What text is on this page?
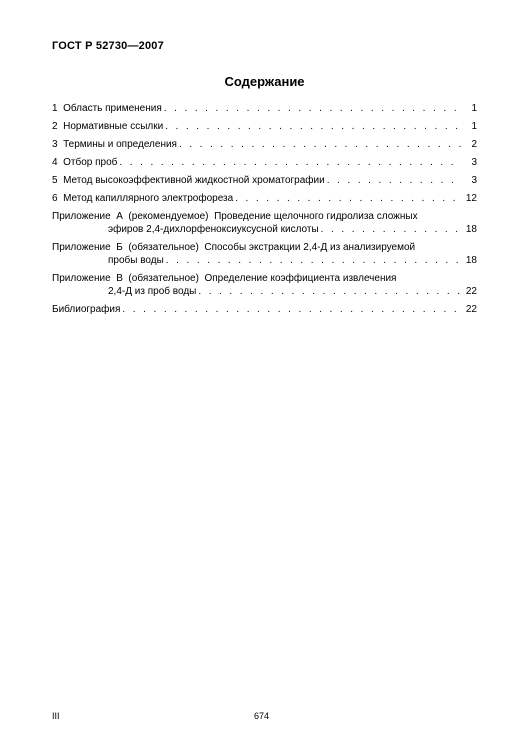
ГОСТ Р 52730—2007
Содержание
1  Область применения . . .	1
2  Нормативные ссылки . . .	1
3  Термины и определения . . .	2
4  Отбор проб . . .	3
5  Метод высокоэффективной жидкостной хроматографии . . .	3
6  Метод капиллярного электрофореза . . .	12
Приложение  А  (рекомендуемое)  Проведение щелочного гидролиза сложных
эфиров 2,4-дихлорфеноксиуксусной кислоты . . .	18
Приложение  Б  (обязательное)  Способы экстракции 2,4-Д из анализируемой
пробы воды . . .	18
Приложение  В  (обязательное)  Определение коэффициента извлечения
2,4-Д из проб воды . . .	22
Библиография . . .	22
III	674
